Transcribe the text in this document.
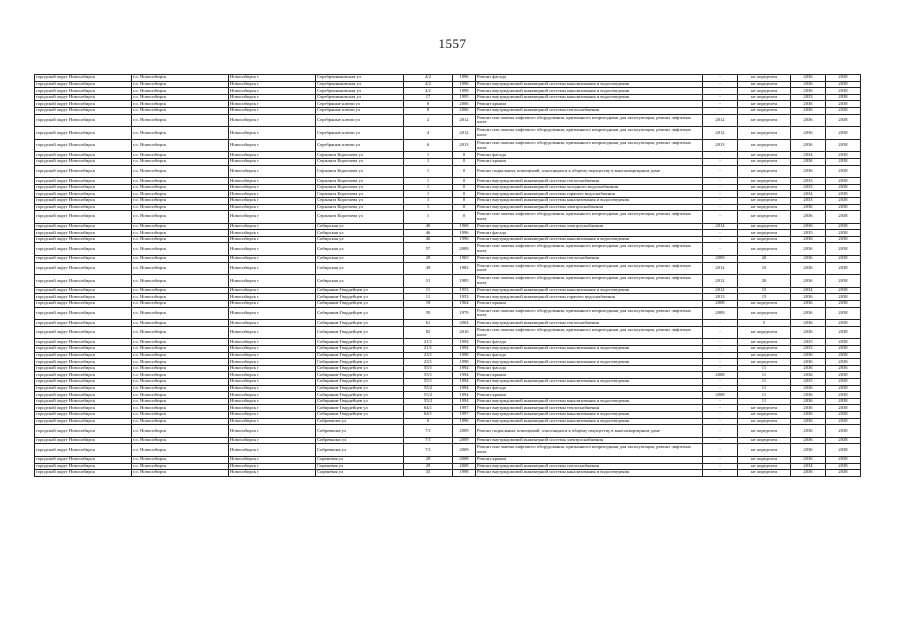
1557
городской округ Новосибирск	г.о. Новосибирск	Новосибирск г	Серебренниковская ул	4/2	1996	Ремонт фасада	-	не определен	2036	2038
городской округ Новосибирск	г.о. Новосибирск	Новосибирск г	Серебренниковская ул	4/2	1996	Ремонт внутридомовой инженерной системы канализования и водоотведения	-	не определен	2036	2038
городской округ Новосибирск	г.о. Новосибирск	Новосибирск г	Серебренниковская ул	4/2	1998	Ремонт внутридомовой инженерной системы канализования и водоотведения	-	не определен	2036	2038
городской округ Новосибирск	г.о. Новосибирск	Новосибирск г	Серебренниковская ул	17	1995	Ремонт внутридомовой инженерной системы канализования и водоотведения	-	не определен	2033	2038
городской округ Новосибирск	г.о. Новосибирск	Новосибирск г	Серебряные ключи ул	8	2006	Ремонт крыши	-	не определен	2036	2038
городской округ Новосибирск	г.о. Новосибирск	Новосибирск г	Серебряные ключи ул	8	2006	Ремонт внутридомовой инженерной системы теплоснабжения	-	не определен	2036	2038
городской округ Новосибирск	г.о. Новосибирск	Новосибирск г	Серебряные ключи ул	2	2012	Ремонт или замена лифтового оборудования, признанного непригодным для эксплуатации, ремонт лифтовых шахт	2012	не определен	2036	2038
городской округ Новосибирск	г.о. Новосибирск	Новосибирск г	Серебряные ключи ул	4	2012	Ремонт или замена лифтового оборудования, признанного непригодным для эксплуатации, ремонт лифтовых шахт	2012	не определен	2036	2038
городской округ Новосибирск	г.о. Новосибирск	Новосибирск г	Серебряные ключи ул	6	2013	Ремонт или замена лифтового оборудования, признанного непригодным для эксплуатации, ремонт лифтовых шахт	2013	не определен	2036	2038
городской округ Новосибирск	г.о. Новосибирск	Новосибирск г	Сержанта Коротаева ул	1	0	Ремонт фасада	-	не определен	2034	2038
городской округ Новосибирск	г.о. Новосибирск	Новосибирск г	Сержанта Коротаева ул	1	0	Ремонт крыши	-	не определен	2036	2038
городской округ Новосибирск	г.о. Новосибирск	Новосибирск г	Сержанта Коротаева ул	1	0	Ремонт подвальных помещений, относящихся к общему имуществу в многоквартирном доме	-	не определен	2036	2038
городской округ Новосибирск	г.о. Новосибирск	Новосибирск г	Сержанта Коротаева ул	1	0	Ремонт внутридомовой инженерной системы теплоснабжения	-	не определен	2033	2038
городской округ Новосибирск	г.о. Новосибирск	Новосибирск г	Сержанта Коротаева ул	1	0	Ремонт внутридомовой инженерной системы холодного водоснабжения	-	не определен	2033	2038
городской округ Новосибирск	г.о. Новосибирск	Новосибирск г	Сержанта Коротаева ул	1	0	Ремонт внутридомовой инженерной системы горячего водоснабжения	-	не определен	2034	2038
городской округ Новосибирск	г.о. Новосибирск	Новосибирск г	Сержанта Коротаева ул	1	0	Ремонт внутридомовой инженерной системы канализования и водоотведения	-	не определен	2033	2038
городской округ Новосибирск	г.о. Новосибирск	Новосибирск г	Сержанта Коротаева ул	1	0	Ремонт внутридомовой инженерной системы электроснабжения	-	не определен	2036	2038
городской округ Новосибирск	г.о. Новосибирск	Новосибирск г	Сержанта Коротаева ул	1	0	Ремонт или замена лифтового оборудования, признанного непригодным для эксплуатации, ремонт лифтовых шахт	-	не определен	2036	2038
городской округ Новосибирск	г.о. Новосибирск	Новосибирск г	Сибирская ул	40	1968	Ремонт внутридомовой инженерной системы электроснабжения	2014	не определен	2036	2038
городской округ Новосибирск	г.о. Новосибирск	Новосибирск г	Сибирская ул	46	1996	Ремонт фасада	-	не определен	2035	2038
городской округ Новосибирск	г.о. Новосибирск	Новосибирск г	Сибирская ул	46	1996	Ремонт внутридомовой инженерной системы канализования и водоотведения	-	не определен	2036	2038
городской округ Новосибирск	г.о. Новосибирск	Новосибирск г	Сибирская ул	57	2009	Ремонт или замена лифтового оборудования, признанного непригодным для эксплуатации, ремонт лифтовых шахт	-	не определен	2036	2038
городской округ Новосибирск	г.о. Новосибирск	Новосибирск г	Сибирская ул	28	1965	Ремонт внутридомовой инженерной системы теплоснабжения	2009	20	2036	2038
городской округ Новосибирск	г.о. Новосибирск	Новосибирск г	Сибирская ул	49	1982	Ремонт или замена лифтового оборудования, признанного непригодным для эксплуатации, ремонт лифтовых шахт	2012	10	2036	2038
городской округ Новосибирск	г.о. Новосибирск	Новосибирск г	Сибирская ул	51	1985	Ремонт или замена лифтового оборудования, признанного непригодным для эксплуатации, ремонт лифтовых шахт	2012	20	2036	2038
городской округ Новосибирск	г.о. Новосибирск	Новосибирск г	Сибиряков-Гвардейцев ул	11	1953	Ремонт внутридомовой инженерной системы канализования и водоотведения	2012	15	2034	2038
городской округ Новосибирск	г.о. Новосибирск	Новосибирск г	Сибиряков-Гвардейцев ул	11	1953	Ремонт внутридомовой инженерной системы горячего водоснабжения	2013	15	2036	2038
городской округ Новосибирск	г.о. Новосибирск	Новосибирск г	Сибиряков-Гвардейцев ул	18	1964	Ремонт крыши	2008	не определен	2036	2038
городской округ Новосибирск	г.о. Новосибирск	Новосибирск г	Сибиряков-Гвардейцев ул	59	1979	Ремонт или замена лифтового оборудования, признанного непригодным для эксплуатации, ремонт лифтовых шахт	2009	не определен	2036	2038
городской округ Новосибирск	г.о. Новосибирск	Новосибирск г	Сибиряков-Гвардейцев ул	61	2004	Ремонт внутридомовой инженерной системы теплоснабжения	-	5	2036	2038
городской округ Новосибирск	г.о. Новосибирск	Новосибирск г	Сибиряков-Гвардейцев ул	82	2010	Ремонт или замена лифтового оборудования, признанного непригодным для эксплуатации, ремонт лифтовых шахт	-	не определен	2036	2038
городской округ Новосибирск	г.о. Новосибирск	Новосибирск г	Сибиряков-Гвардейцев ул	21/1	1994	Ремонт фасада	-	не определен	2035	2038
городской округ Новосибирск	г.о. Новосибирск	Новосибирск г	Сибиряков-Гвардейцев ул	21/1	1994	Ремонт внутридомовой инженерной системы канализования и водоотведения	-	не определен	2033	2038
городской округ Новосибирск	г.о. Новосибирск	Новосибирск г	Сибиряков-Гвардейцев ул	23/1	1998	Ремонт фасада	-	не определен	2036	2038
городской округ Новосибирск	г.о. Новосибирск	Новосибирск г	Сибиряков-Гвардейцев ул	23/1	1998	Ремонт внутридомовой инженерной системы канализования и водоотведения	-	не определен	2036	2038
городской округ Новосибирск	г.о. Новосибирск	Новосибирск г	Сибиряков-Гвардейцев ул	55/1	1994	Ремонт фасада	-	11	2036	2036
городской округ Новосибирск	г.о. Новосибирск	Новосибирск г	Сибиряков-Гвардейцев ул	55/1	1994	Ремонт крыши	2008	11	2036	2038
городской округ Новосибирск	г.о. Новосибирск	Новосибирск г	Сибиряков-Гвардейцев ул	55/1	1994	Ремонт внутридомовой инженерной системы канализования и водоотведения	-	11	2035	2038
городской округ Новосибирск	г.о. Новосибирск	Новосибирск г	Сибиряков-Гвардейцев ул	55/2	1994	Ремонт фасада	-	11	2036	2038
городской округ Новосибирск	г.о. Новосибирск	Новосибирск г	Сибиряков-Гвардейцев ул	55/2	1994	Ремонт крыши	2008	11	2036	2038
городской округ Новосибирск	г.о. Новосибирск	Новосибирск г	Сибиряков-Гвардейцев ул	55/2	1994	Ремонт внутридомовой инженерной системы канализования и водоотведения	-	11	2036	2038
городской округ Новосибирск	г.о. Новосибирск	Новосибирск г	Сибиряков-Гвардейцев ул	64/1	1997	Ремонт внутридомовой инженерной системы теплоснабжения	-	не определен	2036	2038
городской округ Новосибирск	г.о. Новосибирск	Новосибирск г	Сибиряков-Гвардейцев ул	64/1	1997	Ремонт внутридомовой инженерной системы канализования и водоотведения	-	не определен	2036	2038
городской округ Новосибирск	г.о. Новосибирск	Новосибирск г	Сибревкома ул	6	1996	Ремонт внутридомовой инженерной системы канализования и водоотведения	-	не определен	2036	2038
городской округ Новосибирск	г.о. Новосибирск	Новосибирск г	Сибревкома ул	7/1	2009	Ремонт подвальных помещений, относящихся к общему имуществу в многоквартирном доме	-	не определен	2036	2038
городской округ Новосибирск	г.о. Новосибирск	Новосибирск г	Сибревкома ул	7/1	2009	Ремонт внутридомовой инженерной системы электроснабжения	-	не определен	2036	2038
городской округ Новосибирск	г.о. Новосибирск	Новосибирск г	Сибревкома ул	7/1	2009	Ремонт или замена лифтового оборудования, признанного непригодным для эксплуатации, ремонт лифтовых шахт	-	не определен	2036	2038
городской округ Новосибирск	г.о. Новосибирск	Новосибирск г	Сиреневая ул	29	2008	Ремонт крыши	-	не определен	2036	2038
городской округ Новосибирск	г.о. Новосибирск	Новосибирск г	Сиреневая ул	29	2008	Ремонт внутридомовой инженерной системы теплоснабжения	-	не определен	2034	2038
городской округ Новосибирск	г.о. Новосибирск	Новосибирск г	Сиреневая ул	33	1998	Ремонт внутридомовой инженерной системы канализования и водоотведения	-	не определен	2036	2038
